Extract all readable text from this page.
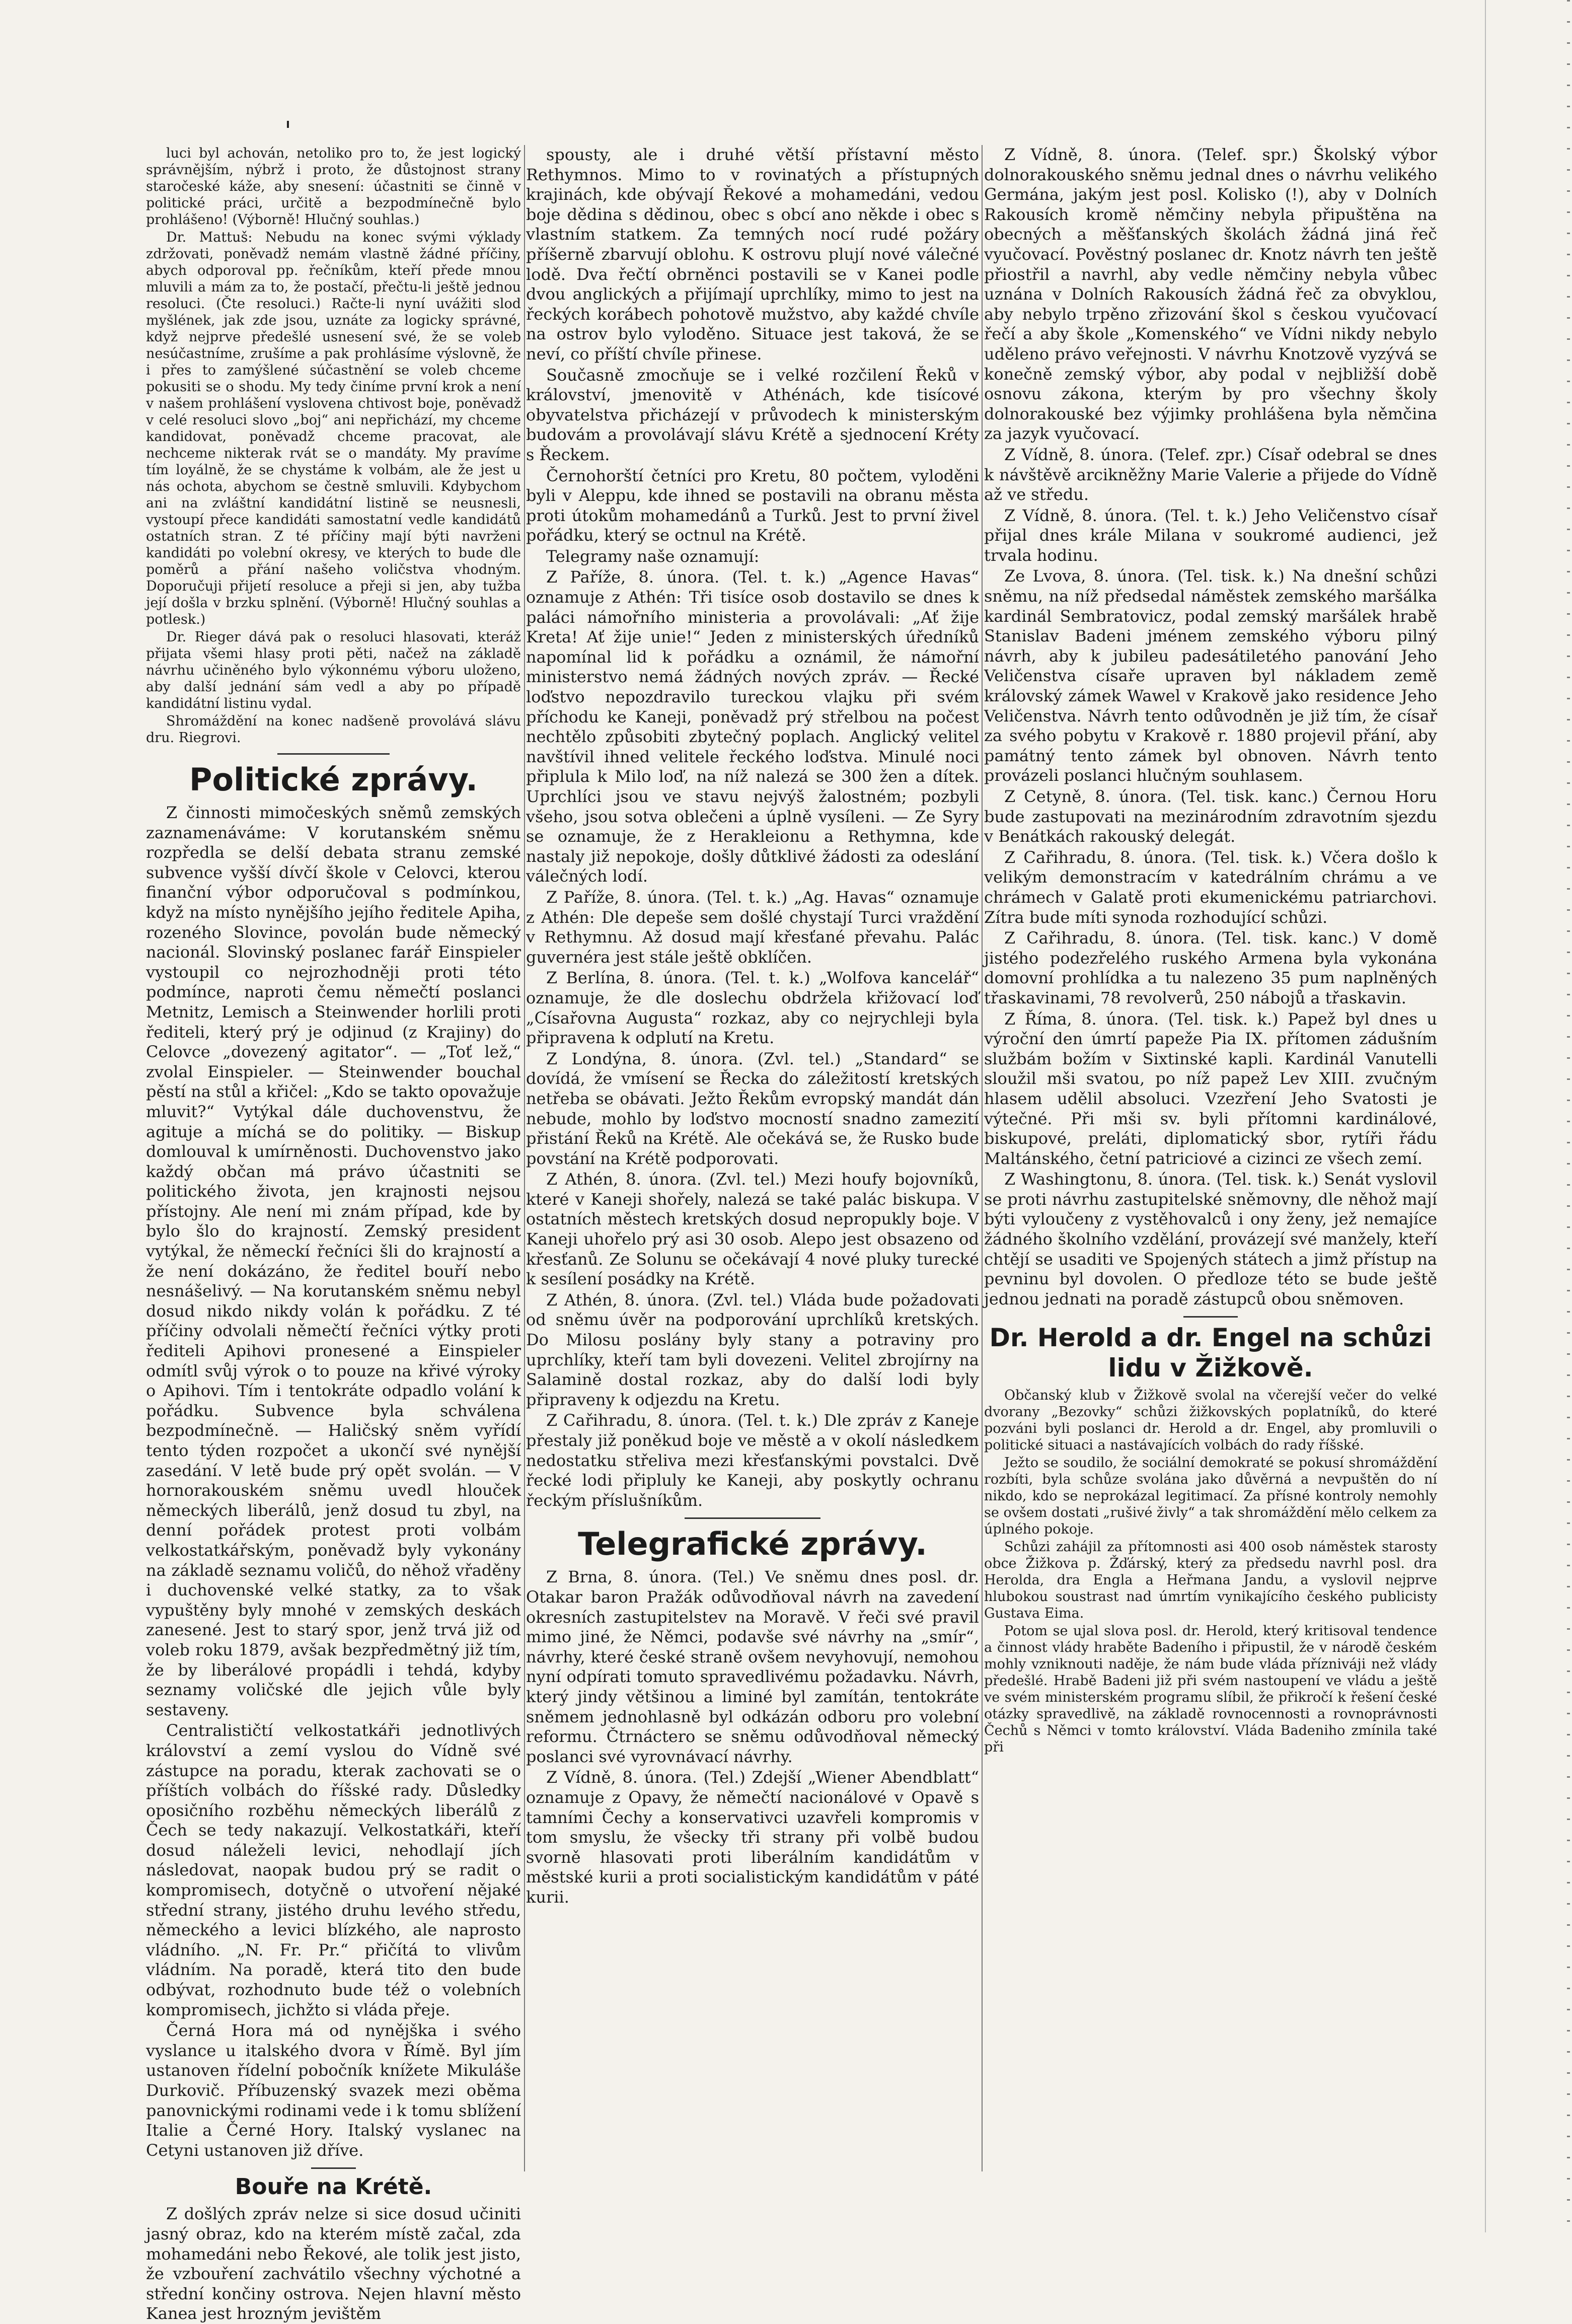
luci byl achován, netoliko pro to, že jest logický správnějším, nýbrž i proto, že důstojnost strany staročeské káže, aby snesení: účastniti se činně v politické práci, určitě a bezpodmínečně bylo prohlášeno! (Výborně! Hlučný souhlas.)

Dr. Mattuš: Nebudu na konec svými výklady zdržovati, poněvadž nemám vlastně žádné příčiny, abych odporoval pp. řečníkům, kteří přede mnou mluvili a mám za to, že postačí, přečtu-li ještě jednou resoluci. (Čte resoluci.) Račte-li nyní uvážiti slod myšlének, jak zde jsou, uznáte za logicky správné, když nejprve předešlé usnesení své, že se voleb nesúčastníme, zrušíme a pak prohlásíme výslovně, že i přes to zamýšlené súčastnění se voleb chceme pokusiti se o shodu. My tedy činíme první krok a není v našem prohlášení vyslovena chtivost boje, poněvadž v celé resoluci slovo „boj“ ani nepřichází, my chceme kandidovat, poněvadž chceme pracovat, ale nechceme nikterak rvát se o mandáty. My pravíme tím loyálně, že se chystáme k volbám, ale že jest u nás ochota, abychom se čestně smluvili. Kdybychom ani na zvláštní kandidátní listině se neusnesli, vystoupí přece kandidáti samostatní vedle kandidátů ostatních stran. Z té příčiny mají býti navrženi kandidáti po volební okresy, ve kterých to bude dle poměrů a přání našeho voličstva vhodným. Doporučuji přijetí resoluce a přeji si jen, aby tužba její došla v brzku splnění. (Výborně! Hlučný souhlas a potlesk.)

Dr. Rieger dává pak o resoluci hlasovati, kteráž přijata všemi hlasy proti pěti, načež na základě návrhu učiněného bylo výkonnému výboru uloženo, aby další jednání sám vedl a aby po případě kandidátní listinu vydal.

Shromáždění na konec nadšeně provolává slávu dru. Riegrovi.

Politické zprávy.

Z činnosti mimočeských sněmů zemských zaznamenáváme: V korutanském sněmu rozpředla se delší debata stranu zemské subvence vyšší dívčí škole v Celovci, kterou finanční výbor odporučoval s podmínkou, když na místo nynějšího jejího ředitele Apiha, rozeného Slovince, povolán bude německý nacionál. Slovinský poslanec farář Einspieler vystoupil co nejrozhodněji proti této podmínce, naproti čemu němečtí poslanci Metnitz, Lemisch a Steinwender horlili proti řediteli, který prý je odjinud (z Krajiny) do Celovce „dovezený agitator“. — „Toť lež,“ zvolal Einspieler. — Steinwender bouchal pěstí na stůl a křičel: „Kdo se takto opovažuje mluvit?“ Vytýkal dále duchovenstvu, že agituje a míchá se do politiky. — Biskup domlouval k umírněnosti. Duchovenstvo jako každý občan má právo účastniti se politického života, jen krajnosti nejsou přístojny. Ale není mi znám případ, kde by bylo šlo do krajností. Zemský president vytýkal, že německí řečníci šli do krajností a že není dokázáno, že ředitel bouří nebo nesnášelivý. — Na korutanském sněmu nebyl dosud nikdo nikdy volán k pořádku. Z té příčiny odvolali němečtí řečníci výtky proti řediteli Apihovi pronesené a Einspieler odmítl svůj výrok o to pouze na křivé výroky o Apihovi. Tím i tentokráte odpadlo volání k pořádku. Subvence byla schválena bezpodmínečně. — Haličský sněm vyřídí tento týden rozpočet a ukončí své nynější zasedání. V letě bude prý opět svolán. — V hornorakouském sněmu uvedl hlouček německých liberálů, jenž dosud tu zbyl, na denní pořádek protest proti volbám velkostatkářským, poněvadž byly vykonány na základě seznamu voličů, do něhož vřaděny i duchovenské velké statky, za to však vypuštěny byly mnohé v zemských deskách zanesené. Jest to starý spor, jenž trvá již od voleb roku 1879, avšak bezpředmětný již tím, že by liberálové propádli i tehdá, kdyby seznamy voličské dle jejich vůle byly sestaveny.

Centralističtí velkostatkáři jednotlivých království a zemí vyslou do Vídně své zástupce na poradu, kterak zachovati se o příštích volbách do říšské rady. Důsledky oposičního rozběhu německých liberálů z Čech se tedy nakazují. Velkostatkáři, kteří dosud náleželi levici, nehodlají jích následovat, naopak budou prý se radit o kompromisech, dotyčně o utvoření nějaké střední strany, jistého druhu levého středu, německého a levici blízkého, ale naprosto vládního. „N. Fr. Pr.“ přičítá to vlivům vládním. Na poradě, která tito den bude odbývat, rozhodnuto bude též o volebních kompromisech, jichžto si vláda přeje.

Černá Hora má od nynějška i svého vyslance u italského dvora v Římě. Byl jím ustanoven řídelní pobočník knížete Mikuláše Durkovič. Příbuzenský svazek mezi oběma panovnickými rodinami vede i k tomu sblížení Italie a Černé Hory. Italský vyslanec na Cetyni ustanoven již dříve.

Bouře na Krétě.

Z došlých zpráv nelze si sice dosud učiniti jasný obraz, kdo na kterém místě začal, zda mohamedáni nebo Řekové, ale tolik jest jisto, že vzbouření zachvátilo všechny výchotné a střední končiny ostrova. Nejen hlavní město Kanea jest hrozným jevištěm

spousty, ale i druhé větší přístavní město Rethymnos. Mimo to v rovinatých a přístupných krajinách, kde obývají Řekové a mohamedáni, vedou boje dědina s dědinou, obec s obcí ano někde i obec s vlastním statkem. Za temných nocí rudé požáry příšerně zbarvují oblohu. K ostrovu plují nové válečné lodě. Dva řečtí obrněnci postavili se v Kanei podle dvou anglických a přijímají uprchlíky, mimo to jest na řeckých korábech pohotově mužstvo, aby každé chvíle na ostrov bylo vyloděno. Situace jest taková, že se neví, co příští chvíle přinese.

Současně zmocňuje se i velké rozčilení Řeků v království, jmenovitě v Athénách, kde tisícové obyvatelstva přicházejí v průvodech k ministerským budovám a provolávají slávu Krétě a sjednocení Kréty s Řeckem.

Černohorští četníci pro Kretu, 80 počtem, vyloděni byli v Aleppu, kde ihned se postavili na obranu města proti útokům mohamedánů a Turků. Jest to první živel pořádku, který se octnul na Krétě.

Telegramy naše oznamují:

Z Paříže, 8. února. (Tel. t. k.) „Agence Havas“ oznamuje z Athén: Tři tisíce osob dostavilo se dnes k paláci námořního ministeria a provolávali: „Ať žije Kreta! Ať žije unie!“ Jeden z ministerských úředníků napomínal lid k pořádku a oznámil, že námořní ministerstvo nemá žádných nových zpráv. — Řecké loďstvo nepozdravilo tureckou vlajku při svém příchodu ke Kaneji, poněvadž prý střelbou na počest nechtělo způsobiti zbytečný poplach. Anglický velitel navštívil ihned velitele řeckého loďstva. Minulé noci připlula k Milo loď, na níž nalezá se 300 žen a dítek. Uprchlíci jsou ve stavu nejvýš žalostném; pozbyli všeho, jsou sotva oblečeni a úplně vysíleni. — Ze Syry se oznamuje, že z Herakleionu a Rethymna, kde nastaly již nepokoje, došly důtklivé žádosti za odeslání válečných lodí.

Z Paříže, 8. února. (Tel. t. k.) „Ag. Havas“ oznamuje z Athén: Dle depeše sem došlé chystají Turci vraždění v Rethymnu. Až dosud mají křesťané převahu. Palác guvernéra jest stále ještě obklíčen.

Z Berlína, 8. února. (Tel. t. k.) „Wolfova kancelář“ oznamuje, že dle doslechu obdržela křižovací loď „Císařovna Augusta“ rozkaz, aby co nejrychleji byla připravena k odplutí na Kretu.

Z Londýna, 8. února. (Zvl. tel.) „Standard“ se dovídá, že vmísení se Řecka do záležitostí kretských netřeba se obávati. Ježto Řekům evropský mandát dán nebude, mohlo by loďstvo mocností snadno zamezití přistání Řeků na Krétě. Ale očekává se, že Rusko bude povstání na Krétě podporovati.

Z Athén, 8. února. (Zvl. tel.) Mezi houfy bojovníků, které v Kaneji shořely, nalezá se také palác biskupa. V ostatních městech kretských dosud nepropukly boje. V Kaneji uhořelo prý asi 30 osob. Alepo jest obsazeno od křesťanů. Ze Solunu se očekávají 4 nové pluky turecké k sesílení posádky na Krétě.

Z Athén, 8. února. (Zvl. tel.) Vláda bude požadovati od sněmu úvěr na podporování uprchlíků kretských. Do Milosu poslány byly stany a potraviny pro uprchlíky, kteří tam byli dovezeni. Velitel zbrojírny na Salamině dostal rozkaz, aby do další lodi byly připraveny k odjezdu na Kretu.

Z Cařihradu, 8. února. (Tel. t. k.) Dle zpráv z Kaneje přestaly již poněkud boje ve městě a v okolí následkem nedostatku střeliva mezi křesťanskými povstalci. Dvě řecké lodi připluly ke Kaneji, aby poskytly ochranu řeckým příslušníkům.

Telegrafické zprávy.

Z Brna, 8. února. (Tel.) Ve sněmu dnes posl. dr. Otakar baron Pražák odůvodňoval návrh na zavedení okresních zastupitelstev na Moravě. V řeči své pravil mimo jiné, že Němci, podavše své návrhy na „smír“, návrhy, které české straně ovšem nevyhovují, nemohou nyní odpírati tomuto spravedlivému požadavku. Návrh, který jindy většinou a liminé byl zamítán, tentokráte sněmem jednohlasně byl odkázán odboru pro volební reformu. Čtrnáctero se sněmu odůvodňoval německý poslanci své vyrovnávací návrhy.

Z Vídně, 8. února. (Tel.) Zdejší „Wiener Abendblatt“ oznamuje z Opavy, že němečtí nacionálové v Opavě s tamními Čechy a konservativci uzavřeli kompromis v tom smyslu, že všecky tři strany při volbě budou svorně hlasovati proti liberálním kandidátům v městské kurii a proti socialistickým kandidátům v páté kurii.

Z Vídně, 8. února. (Telef. spr.) Školský výbor dolnorakouského sněmu jednal dnes o návrhu velikého Germána, jakým jest posl. Kolisko (!), aby v Dolních Rakousích kromě němčiny nebyla připuštěna na obecných a měšťanských školách žádná jiná řeč vyučovací. Pověstný poslanec dr. Knotz návrh ten ještě přiostřil a navrhl, aby vedle němčiny nebyla vůbec uznána v Dolních Rakousích žádná řeč za obvyklou, aby nebylo trpěno zřizování škol s českou vyučovací řečí a aby škole „Komenského“ ve Vídni nikdy nebylo uděleno právo veřejnosti. V návrhu Knotzově vyzývá se konečně zemský výbor, aby podal v nejbližší době osnovu zákona, kterým by pro všechny školy dolnorakouské bez výjimky prohlášena byla němčina za jazyk vyučovací.

Z Vídně, 8. února. (Telef. zpr.) Císař odebral se dnes k návštěvě arcikněžny Marie Valerie a přijede do Vídně až ve středu.

Z Vídně, 8. února. (Tel. t. k.) Jeho Veličenstvo císař přijal dnes krále Milana v soukromé audienci, jež trvala hodinu.

Ze Lvova, 8. února. (Tel. tisk. k.) Na dnešní schůzi sněmu, na níž předsedal náměstek zemského maršálka kardinál Sembratovicz, podal zemský maršálek hrabě Stanislav Badeni jménem zemského výboru pilný návrh, aby k jubileu padesátiletého panování Jeho Veličenstva císaře upraven byl nákladem země královský zámek Wawel v Krakově jako residence Jeho Veličenstva. Návrh tento odůvodněn je již tím, že císař za svého pobytu v Krakově r. 1880 projevil přání, aby památný tento zámek byl obnoven. Návrh tento provázeli poslanci hlučným souhlasem.

Z Cetyně, 8. února. (Tel. tisk. kanc.) Černou Horu bude zastupovati na mezinárodním zdravotním sjezdu v Benátkách rakouský delegát.

Z Cařihradu, 8. února. (Tel. tisk. k.) Včera došlo k velikým demonstracím v katedrálním chrámu a ve chrámech v Galatě proti ekumenickému patriarchovi. Zítra bude míti synoda rozhodující schůzi.

Z Cařihradu, 8. února. (Tel. tisk. kanc.) V domě jistého podezřelého ruského Armena byla vykonána domovní prohlídka a tu nalezeno 35 pum naplněných třaskavinami, 78 revolverů, 250 nábojů a třaskavin.

Z Říma, 8. února. (Tel. tisk. k.) Papež byl dnes u výroční den úmrtí papeže Pia IX. přítomen zádušním službám božím v Sixtinské kapli. Kardinál Vanutelli sloužil mši svatou, po níž papež Lev XIII. zvučným hlasem udělil absoluci. Vzezření Jeho Svatosti je výtečné. Při mši sv. byli přítomni kardinálové, biskupové, preláti, diplomatický sbor, rytíři řádu Maltánského, četní patriciové a cizinci ze všech zemí.

Z Washingtonu, 8. února. (Tel. tisk. k.) Senát vyslovil se proti návrhu zastupitelské sněmovny, dle něhož mají býti vyloučeny z vystěhovalců i ony ženy, jež nemajíce žádného školního vzdělání, provázejí své manžely, kteří chtějí se usaditi ve Spojených státech a jimž přístup na pevninu byl dovolen. O předloze této se bude ještě jednou jednati na poradě zástupců obou sněmoven.

Dr. Herold a dr. Engel na schůzi lidu v Žižkově.

Občanský klub v Žižkově svolal na včerejší večer do velké dvorany „Bezovky“ schůzi žižkovských poplatníků, do které pozváni byli poslanci dr. Herold a dr. Engel, aby promluvili o politické situaci a nastávajících volbách do rady říšské.

Ježto se soudilo, že sociální demokraté se pokusí shromáždění rozbíti, byla schůze svolána jako důvěrná a nevpuštěn do ní nikdo, kdo se neprokázal legitimací. Za přísné kontroly nemohly se ovšem dostati „rušivé živly“ a tak shromáždění mělo celkem za úplného pokoje.

Schůzi zahájil za přítomnosti asi 400 osob náměstek starosty obce Žižkova p. Žďárský, který za předsedu navrhl posl. dra Herolda, dra Engla a Heřmana Jandu, a vyslovil nejprve hlubokou soustrast nad úmrtím vynikajícího českého publicisty Gustava Eima.

Potom se ujal slova posl. dr. Herold, který kritisoval tendence a činnost vlády hraběte Badeního i připustil, že v národě českém mohly vzniknouti naděje, že nám bude vláda přízniváji než vlády předešlé. Hrabě Badeni již při svém nastoupení ve vládu a ještě ve svém ministerském programu slíbil, že přikročí k řešení české otázky spravedlivě, na základě rovnocennosti a rovnoprávnosti Čechů s Němci v tomto království. Vláda Badeniho zmínila také při
